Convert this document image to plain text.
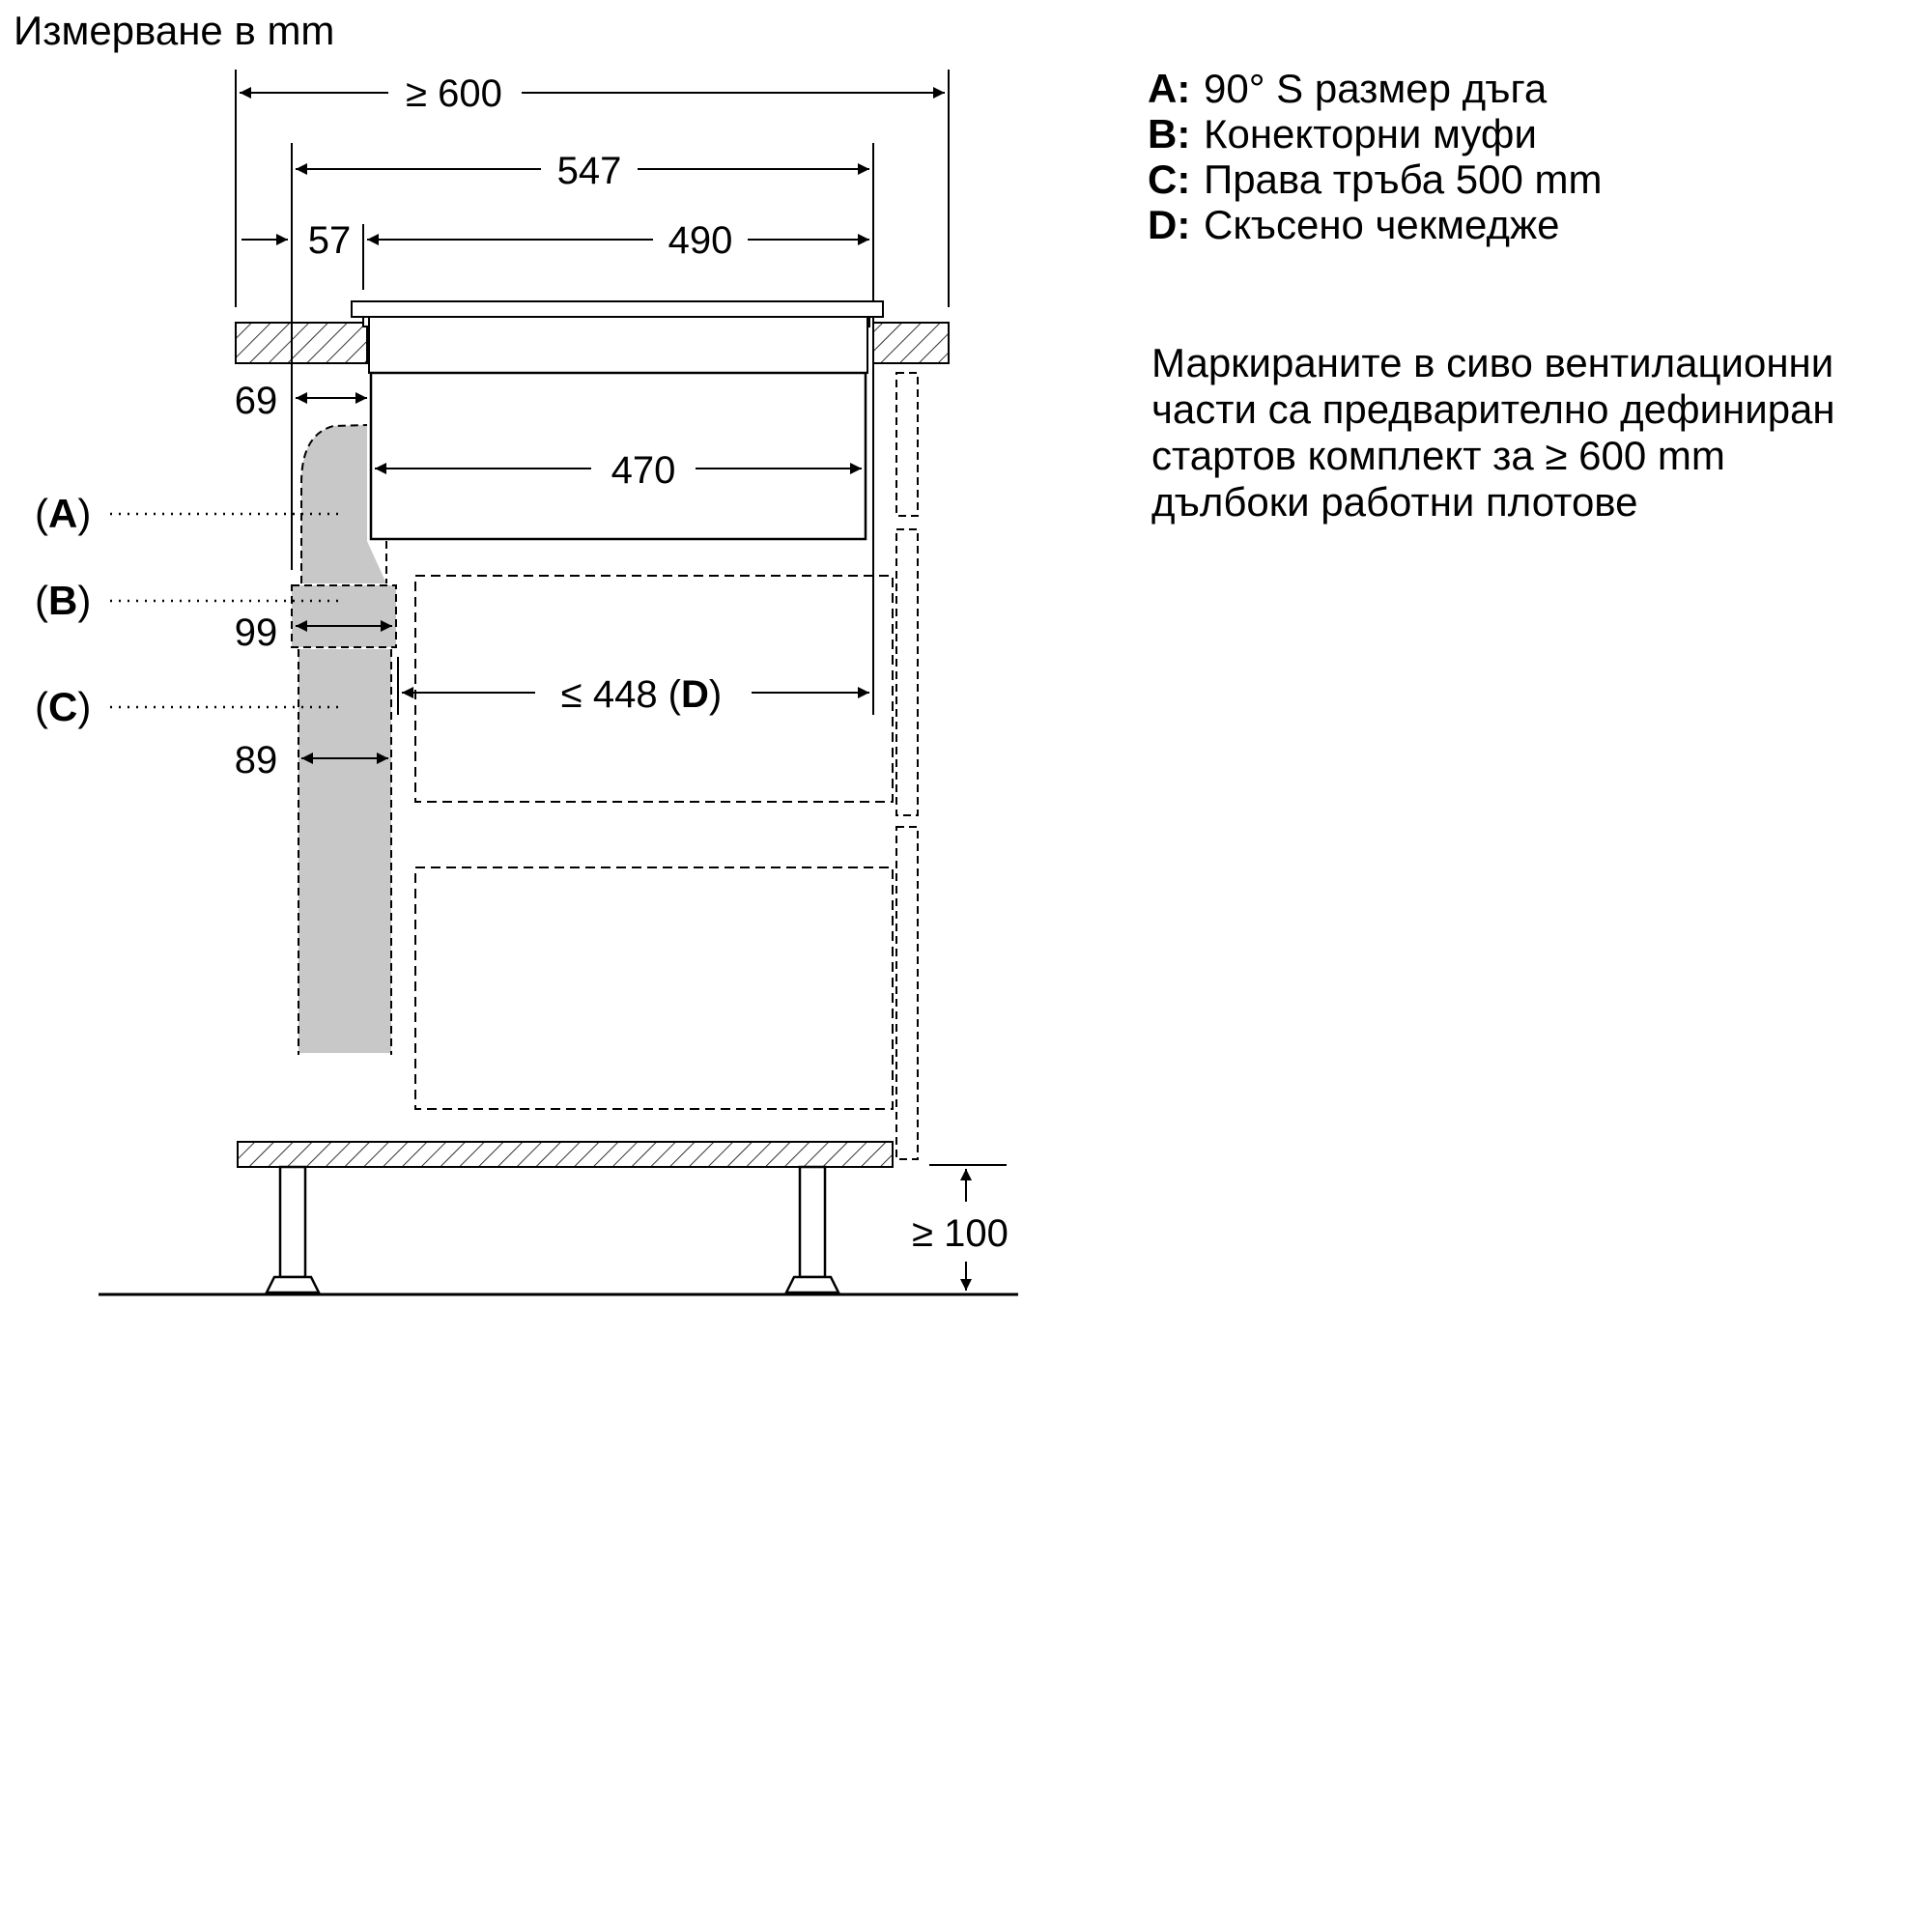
Измерване в mm
≥ 600
547
57	490
69
470
99
89
(A)
(B)
(C)	≤ 448 (D)
≥ 100
A: 90° S размер дъга
B: Конекторни муфи
C: Права тръба 500 mm
D: Скъсено чекмедже
Маркираните в сиво вентилационни
части са предварително дефиниран
стартов комплект за ≥ 600 mm
дълбоки работни плотове
